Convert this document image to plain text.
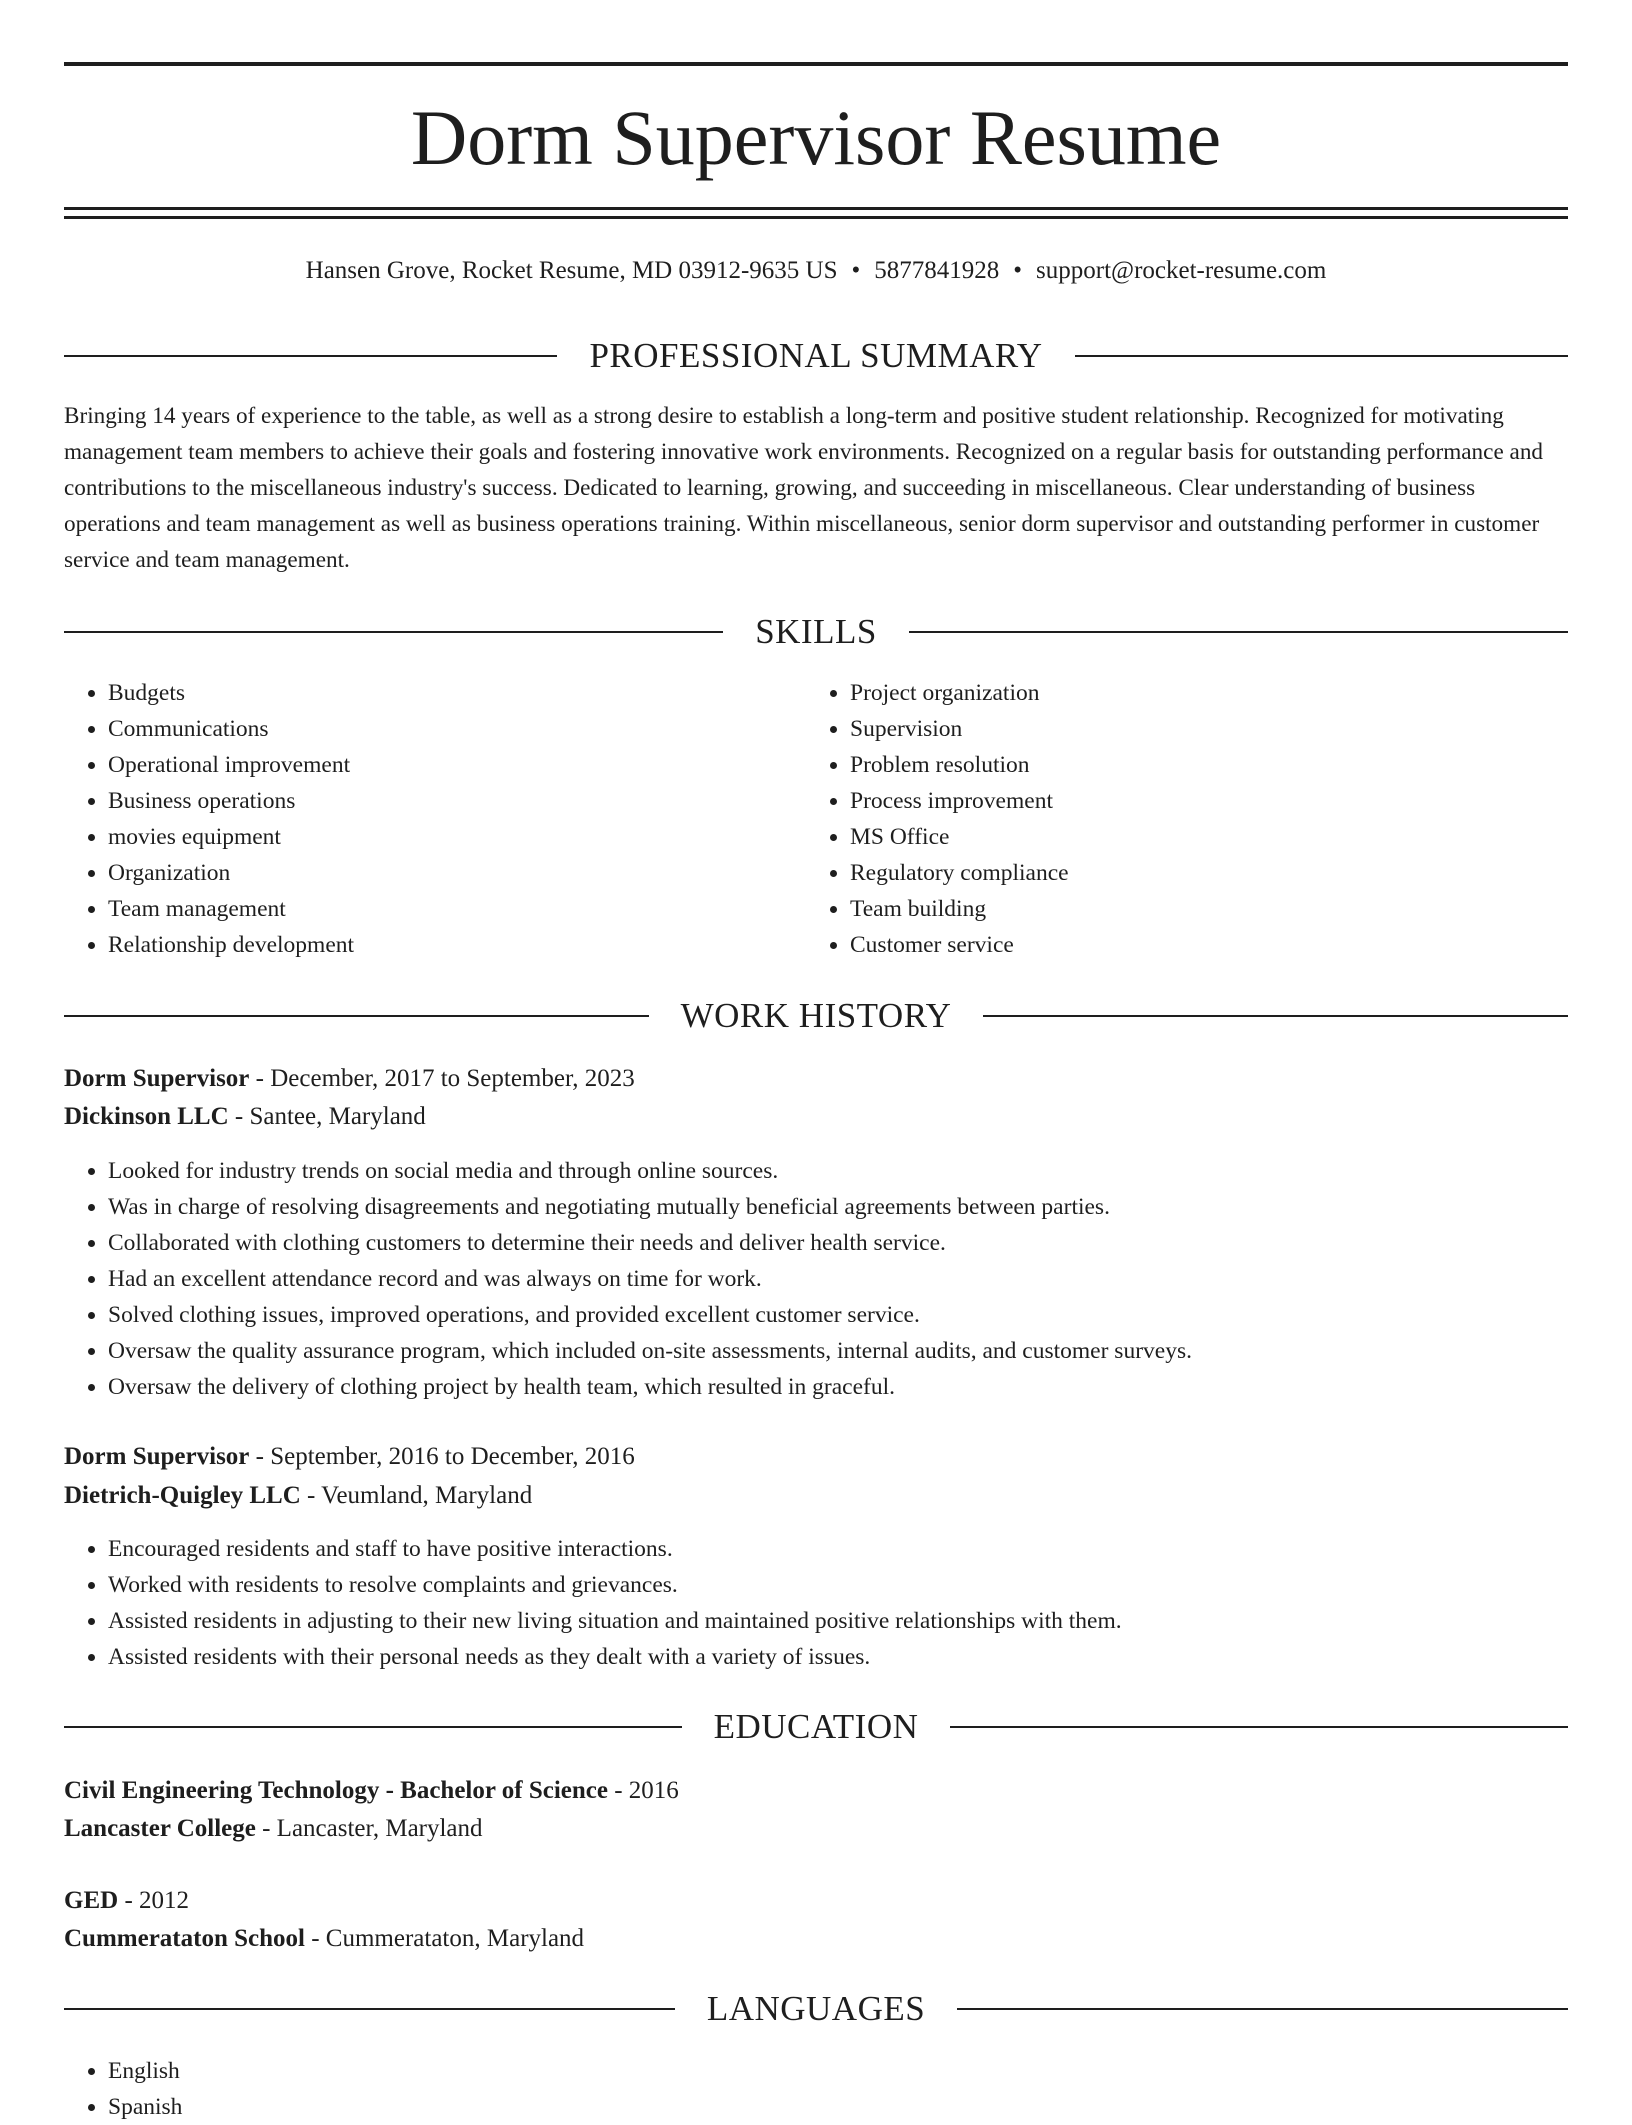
Dorm Supervisor Resume
Hansen Grove, Rocket Resume, MD 03912-9635 US • 5877841928 • support@rocket-resume.com
PROFESSIONAL SUMMARY

Bringing 14 years of experience to the table, as well as a strong desire to establish a long-term and positive student relationship. Recognized for motivating management team members to achieve their goals and fostering innovative work environments. Recognized on a regular basis for outstanding performance and contributions to the miscellaneous industry's success. Dedicated to learning, growing, and succeeding in miscellaneous. Clear understanding of business operations and team management as well as business operations training. Within miscellaneous, senior dorm supervisor and outstanding performer in customer service and team management.

SKILLS
• Budgets
• Communications
• Operational improvement
• Business operations
• movies equipment
• Organization
• Team management
• Relationship development
• Project organization
• Supervision
• Problem resolution
• Process improvement
• MS Office
• Regulatory compliance
• Team building
• Customer service
WORK HISTORY
Dorm Supervisor - December, 2017 to September, 2023
Dickinson LLC - Santee, Maryland
• Looked for industry trends on social media and through online sources.
• Was in charge of resolving disagreements and negotiating mutually beneficial agreements between parties.
• Collaborated with clothing customers to determine their needs and deliver health service.
• Had an excellent attendance record and was always on time for work.
• Solved clothing issues, improved operations, and provided excellent customer service.
• Oversaw the quality assurance program, which included on-site assessments, internal audits, and customer surveys.
• Oversaw the delivery of clothing project by health team, which resulted in graceful.
Dorm Supervisor - September, 2016 to December, 2016
Dietrich-Quigley LLC - Veumland, Maryland
• Encouraged residents and staff to have positive interactions.
• Worked with residents to resolve complaints and grievances.
• Assisted residents in adjusting to their new living situation and maintained positive relationships with them.
• Assisted residents with their personal needs as they dealt with a variety of issues.
EDUCATION
Civil Engineering Technology - Bachelor of Science - 2016
Lancaster College - Lancaster, Maryland
GED - 2012
Cummerataton School - Cummerataton, Maryland
LANGUAGES
• English
• Spanish
